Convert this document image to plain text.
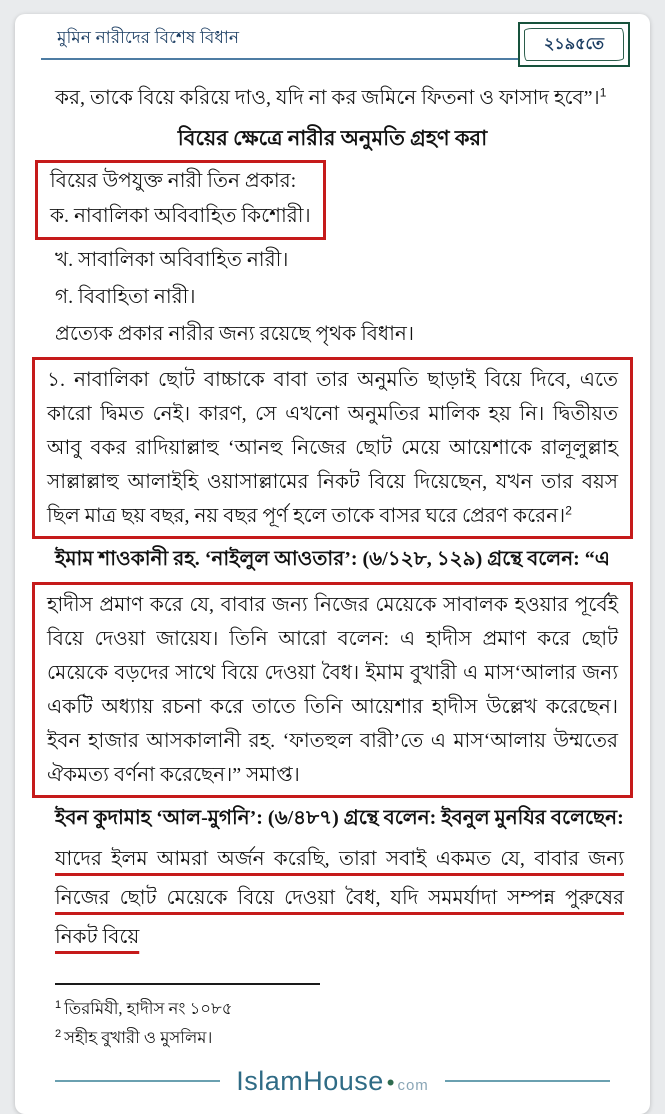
মুমিন নারীদের বিশেষ বিধান	২১৯৫তে
কর, তাকে বিয়ে করিয়ে দাও, যদি না কর জমিনে ফিতনা ও ফাসাদ হবে”।$^1$
বিয়ের ক্ষেত্রে নারীর অনুমতি গ্রহণ করা
বিয়ের উপযুক্ত নারী তিন প্রকার:
ক. নাবালিকা অবিবাহিত কিশোরী।
খ. সাবালিকা অবিবাহিত নারী।
গ. বিবাহিতা নারী।
প্রত্যেক প্রকার নারীর জন্য রয়েছে পৃথক বিধান।
১. নাবালিকা ছোট বাচ্চাকে বাবা তার অনুমতি ছাড়াই বিয়ে দিবে, এতে কারো দ্বিমত নেই। কারণ, সে এখনো অনুমতির মালিক হয় নি। দ্বিতীয়ত আবু বকর রাদিয়াল্লাহু ‘আনহু নিজের ছোট মেয়ে আয়েশাকে রালূলুল্লাহ সাল্লাল্লাহু আলাইহি ওয়াসাল্লামের নিকট বিয়ে দিয়েছেন, যখন তার বয়স ছিল মাত্র ছয় বছর, নয় বছর পূর্ণ হলে তাকে বাসর ঘরে প্রেরণ করেন।$^2$
ইমাম শাওকানী রহ. ‘নাইলুল আওতার’: (৬/১২৮, ১২৯) গ্রন্থে বলেন: “এ
হাদীস প্রমাণ করে যে, বাবার জন্য নিজের মেয়েকে সাবালক হওয়ার পূর্বেই বিয়ে দেওয়া জায়েয। তিনি আরো বলেন: এ হাদীস প্রমাণ করে ছোট মেয়েকে বড়দের সাথে বিয়ে দেওয়া বৈধ। ইমাম বুখারী এ মাস‘আলার জন্য একটি অধ্যায় রচনা করে তাতে তিনি আয়েশার হাদীস উল্লেখ করেছেন। ইবন হাজার আসকালানী রহ. ‘ফাতহুল বারী’তে এ মাস‘আলায় উম্মতের ঐকমত্য বর্ণনা করেছেন।” সমাপ্ত।
ইবন কুদামাহ ‘আল-মুগনি’: (৬/৪৮৭) গ্রন্থে বলেন: ইবনুল মুনযির বলেছেন:
যাদের ইলম আমরা অর্জন করেছি, তারা সবাই একমত যে, বাবার জন্য নিজের ছোট মেয়েকে বিয়ে দেওয়া বৈধ, যদি সমমর্যাদা সম্পন্ন পুরুষের নিকট বিয়ে
$^1$ তিরমিযী, হাদীস নং ১০৮৫
$^2$ সহীহ বুখারী ও মুসলিম।
IslamHouse • com
